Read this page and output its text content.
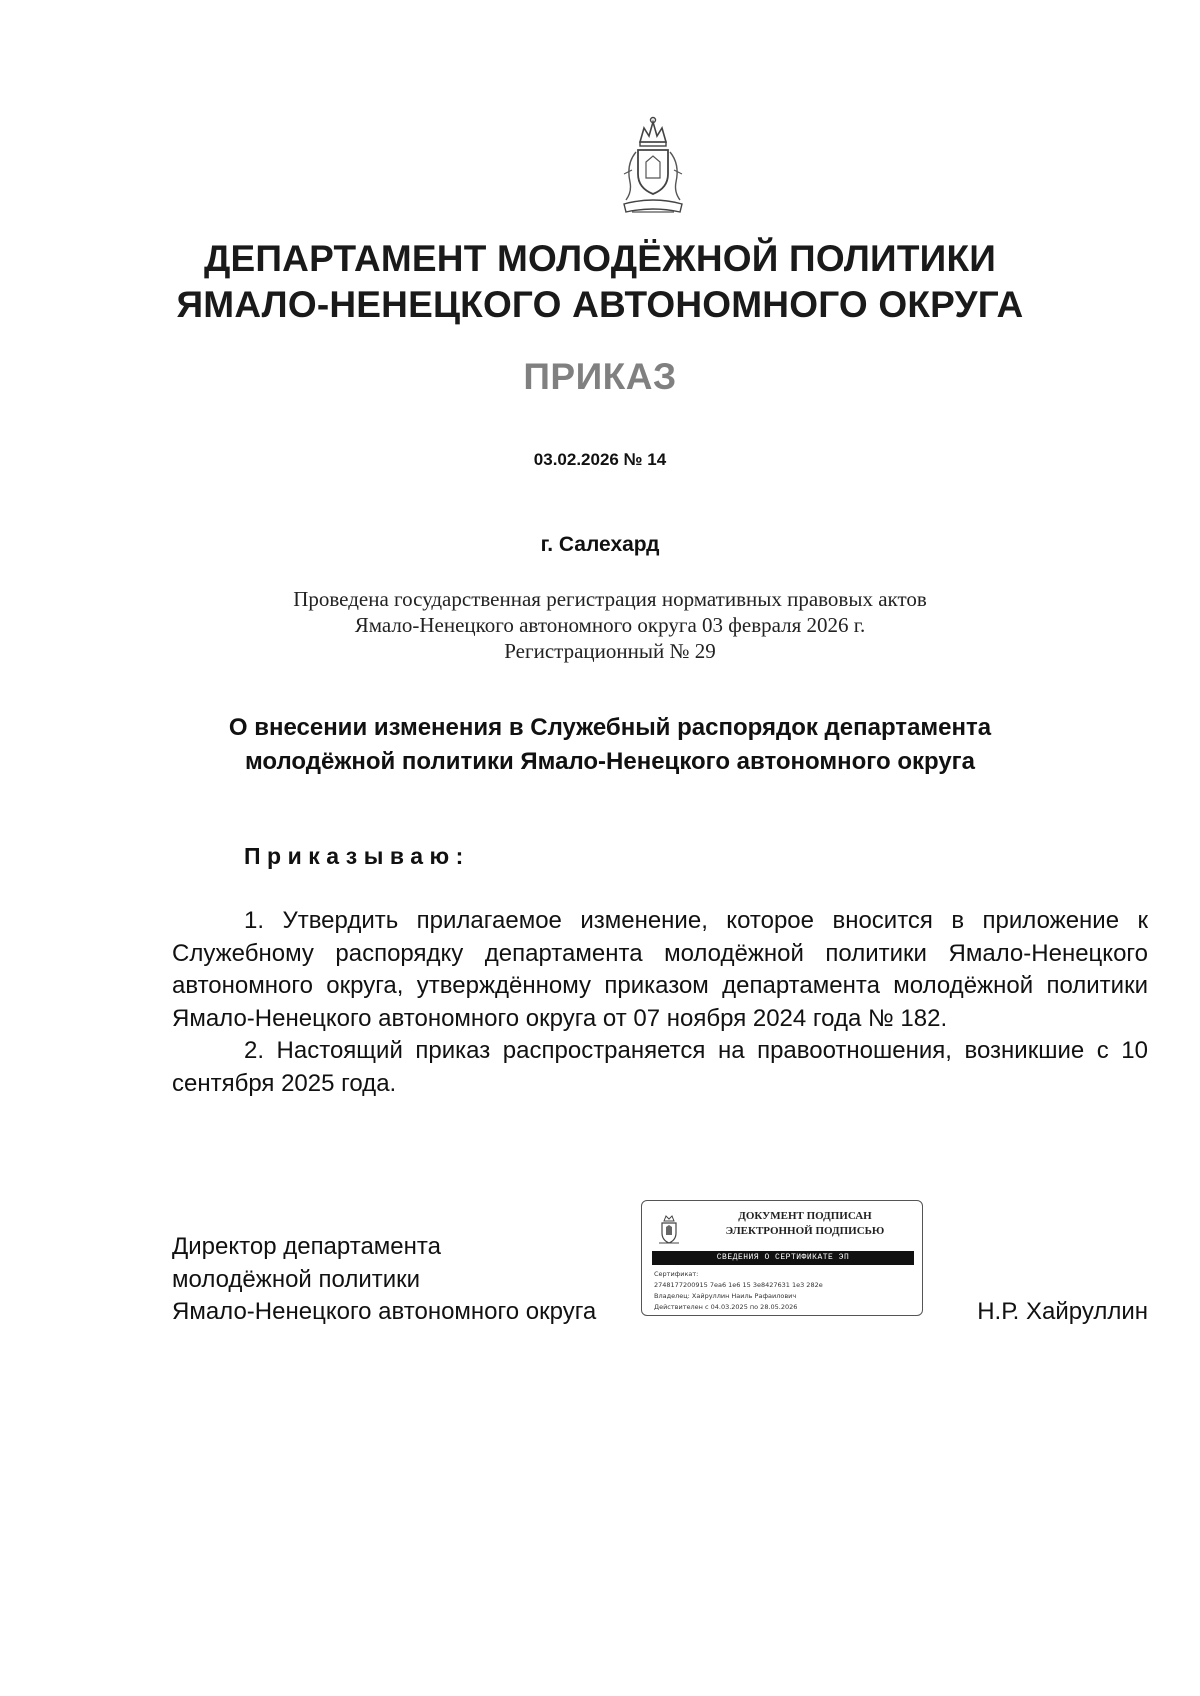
ДЕПАРТАМЕНТ МОЛОДЁЖНОЙ ПОЛИТИКИ
ЯМАЛО-НЕНЕЦКОГО АВТОНОМНОГО ОКРУГА
ПРИКАЗ
03.02.2026 № 14
г. Салехард
Проведена государственная регистрация нормативных правовых актов
Ямало-Ненецкого автономного округа 03 февраля 2026 г.
Регистрационный № 29
О внесении изменения в Служебный распорядок департамента
молодёжной политики Ямало-Ненецкого автономного округа
Приказываю:

1. Утвердить прилагаемое изменение, которое вносится в приложение к Служебному распорядку департамента молодёжной политики Ямало-Ненецкого автономного округа, утверждённому приказом департамента молодёжной политики Ямало-Ненецкого автономного округа от 07 ноября 2024 года № 182.

2. Настоящий приказ распространяется на правоотношения, возникшие с 10 сентября 2025 года.

Директор департамента
молодёжной политики
Ямало-Ненецкого автономного округа	Н.Р. Хайруллин
ДОКУМЕНТ ПОДПИСАН
ЭЛЕКТРОННОЙ ПОДПИСЬЮ
СВЕДЕНИЯ О СЕРТИФИКАТЕ ЭП
Сертификат:
2748177200915 7ea6 1e6 15 3e8427631 1e3 282e
Владелец: Хайруллин Наиль Рафаилович
Действителен с 04.03.2025 по 28.05.2026
